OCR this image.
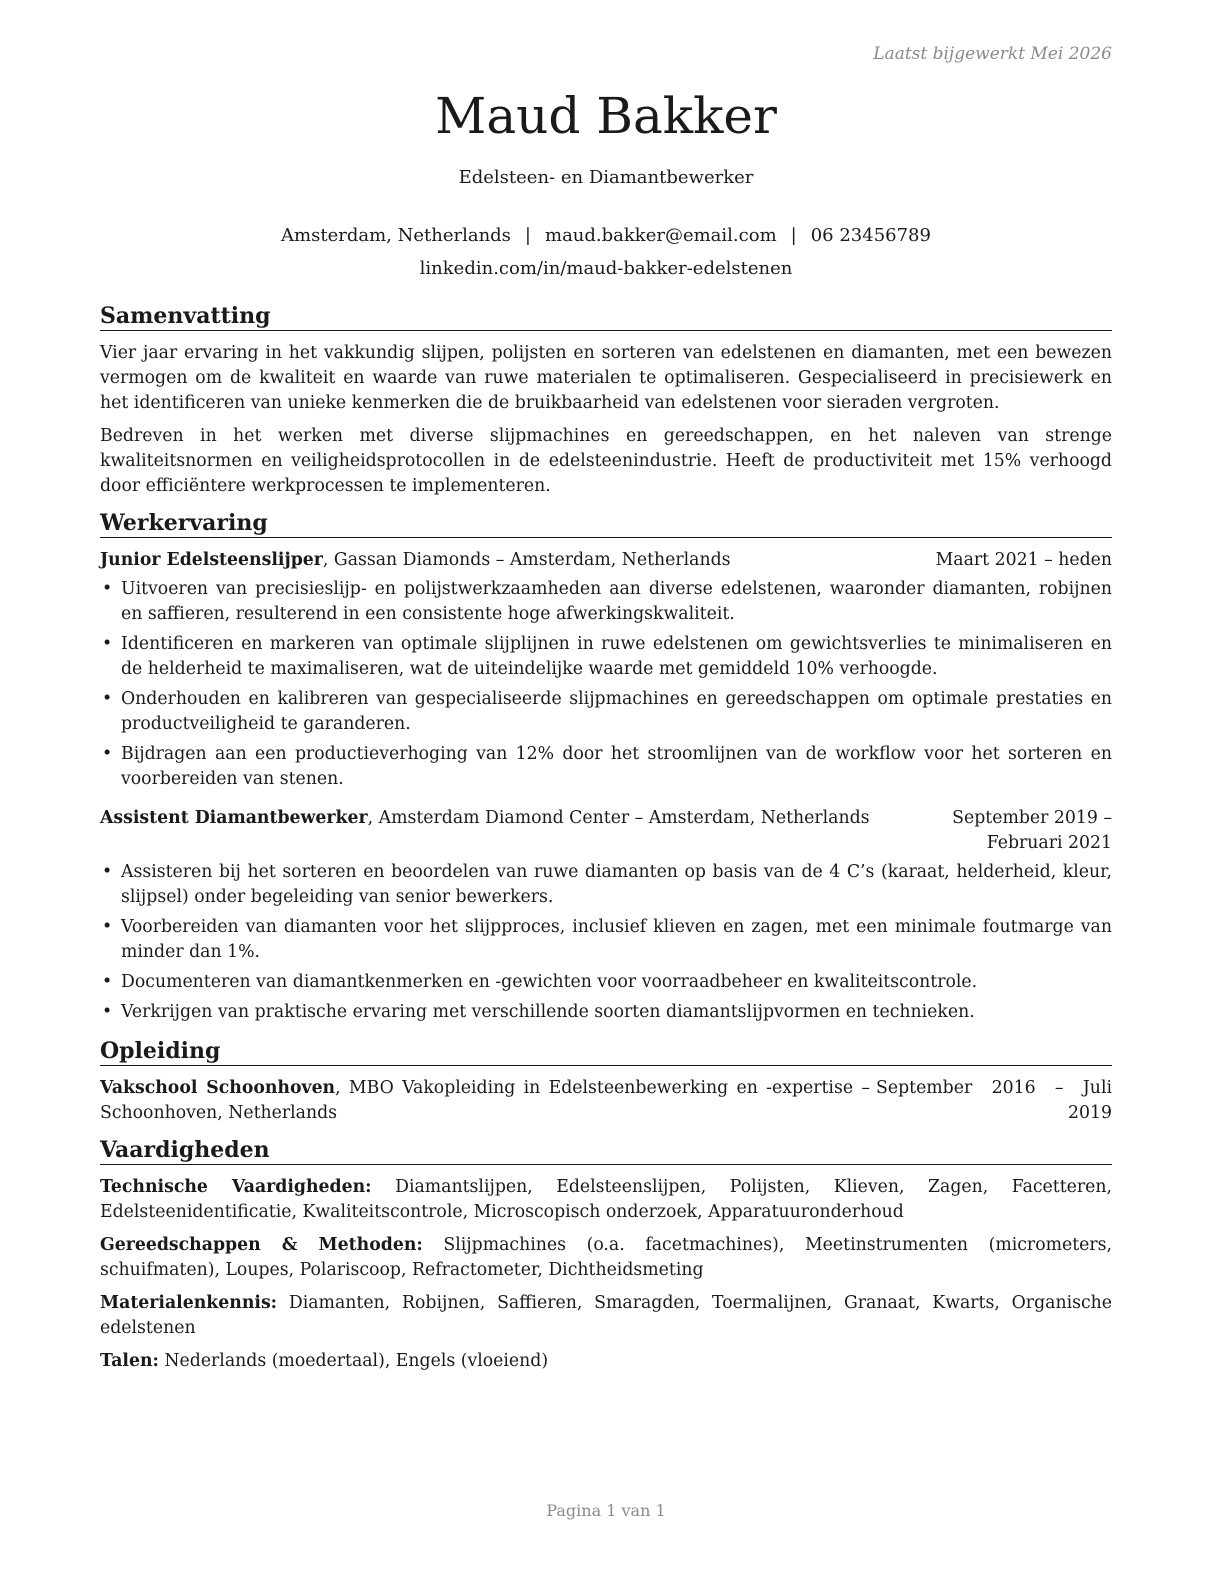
Laatst bijgewerkt Mei 2026
Maud Bakker
Edelsteen- en Diamantbewerker
Amsterdam, Netherlands | maud.bakker@email.com | 06 23456789
linkedin.com/in/maud-bakker-edelstenen
Samenvatting

Vier jaar ervaring in het vakkundig slijpen, polijsten en sorteren van edelstenen en diamanten, met een bewezen vermogen om de kwaliteit en waarde van ruwe materialen te optimaliseren. Gespecialiseerd in precisiewerk en het identificeren van unieke kenmerken die de bruikbaarheid van edelstenen voor sieraden vergroten.

Bedreven in het werken met diverse slijpmachines en gereedschappen, en het naleven van strenge kwaliteitsnormen en veiligheidsprotocollen in de edelsteenindustrie. Heeft de productiviteit met 15% verhoogd door efficiëntere werkprocessen te implementeren.

Werkervaring
Junior Edelsteenslijper, Gassan Diamonds – Amsterdam, Netherlands	Maart 2021 – heden
• Uitvoeren van precisieslijp- en polijstwerkzaamheden aan diverse edelstenen, waaronder diamanten, robijnen en saffieren, resulterend in een consistente hoge afwerkingskwaliteit.
• Identificeren en markeren van optimale slijplijnen in ruwe edelstenen om gewichtsverlies te minimaliseren en de helderheid te maximaliseren, wat de uiteindelijke waarde met gemiddeld 10% verhoogde.
• Onderhouden en kalibreren van gespecialiseerde slijpmachines en gereedschappen om optimale prestaties en productveiligheid te garanderen.
• Bijdragen aan een productieverhoging van 12% door het stroomlijnen van de workflow voor het sorteren en voorbereiden van stenen.
Assistent Diamantbewerker, Amsterdam Diamond Center – Amsterdam, Netherlands	September 2019 – Februari 2021
• Assisteren bij het sorteren en beoordelen van ruwe diamanten op basis van de 4 C’s (karaat, helderheid, kleur, slijpsel) onder begeleiding van senior bewerkers.
• Voorbereiden van diamanten voor het slijpproces, inclusief klieven en zagen, met een minimale foutmarge van minder dan 1%.
• Documenteren van diamantkenmerken en -gewichten voor voorraadbeheer en kwaliteitscontrole.
• Verkrijgen van praktische ervaring met verschillende soorten diamantslijpvormen en technieken.
Opleiding
Vakschool Schoonhoven, MBO Vakopleiding in Edelsteenbewerking en -expertise – Schoonhoven, Netherlands
September 2016 – Juli 2019
Vaardigheden

Technische Vaardigheden: Diamantslijpen, Edelsteenslijpen, Polijsten, Klieven, Zagen, Facetteren, Edelsteenidentificatie, Kwaliteitscontrole, Microscopisch onderzoek, Apparatuuronderhoud

Gereedschappen & Methoden: Slijpmachines (o.a. facetmachines), Meetinstrumenten (micrometers, schuifmaten), Loupes, Polariscoop, Refractometer, Dichtheidsmeting

Materialenkennis: Diamanten, Robijnen, Saffieren, Smaragden, Toermalijnen, Granaat, Kwarts, Organische edelstenen

Talen: Nederlands (moedertaal), Engels (vloeiend)

Pagina 1 van 1
